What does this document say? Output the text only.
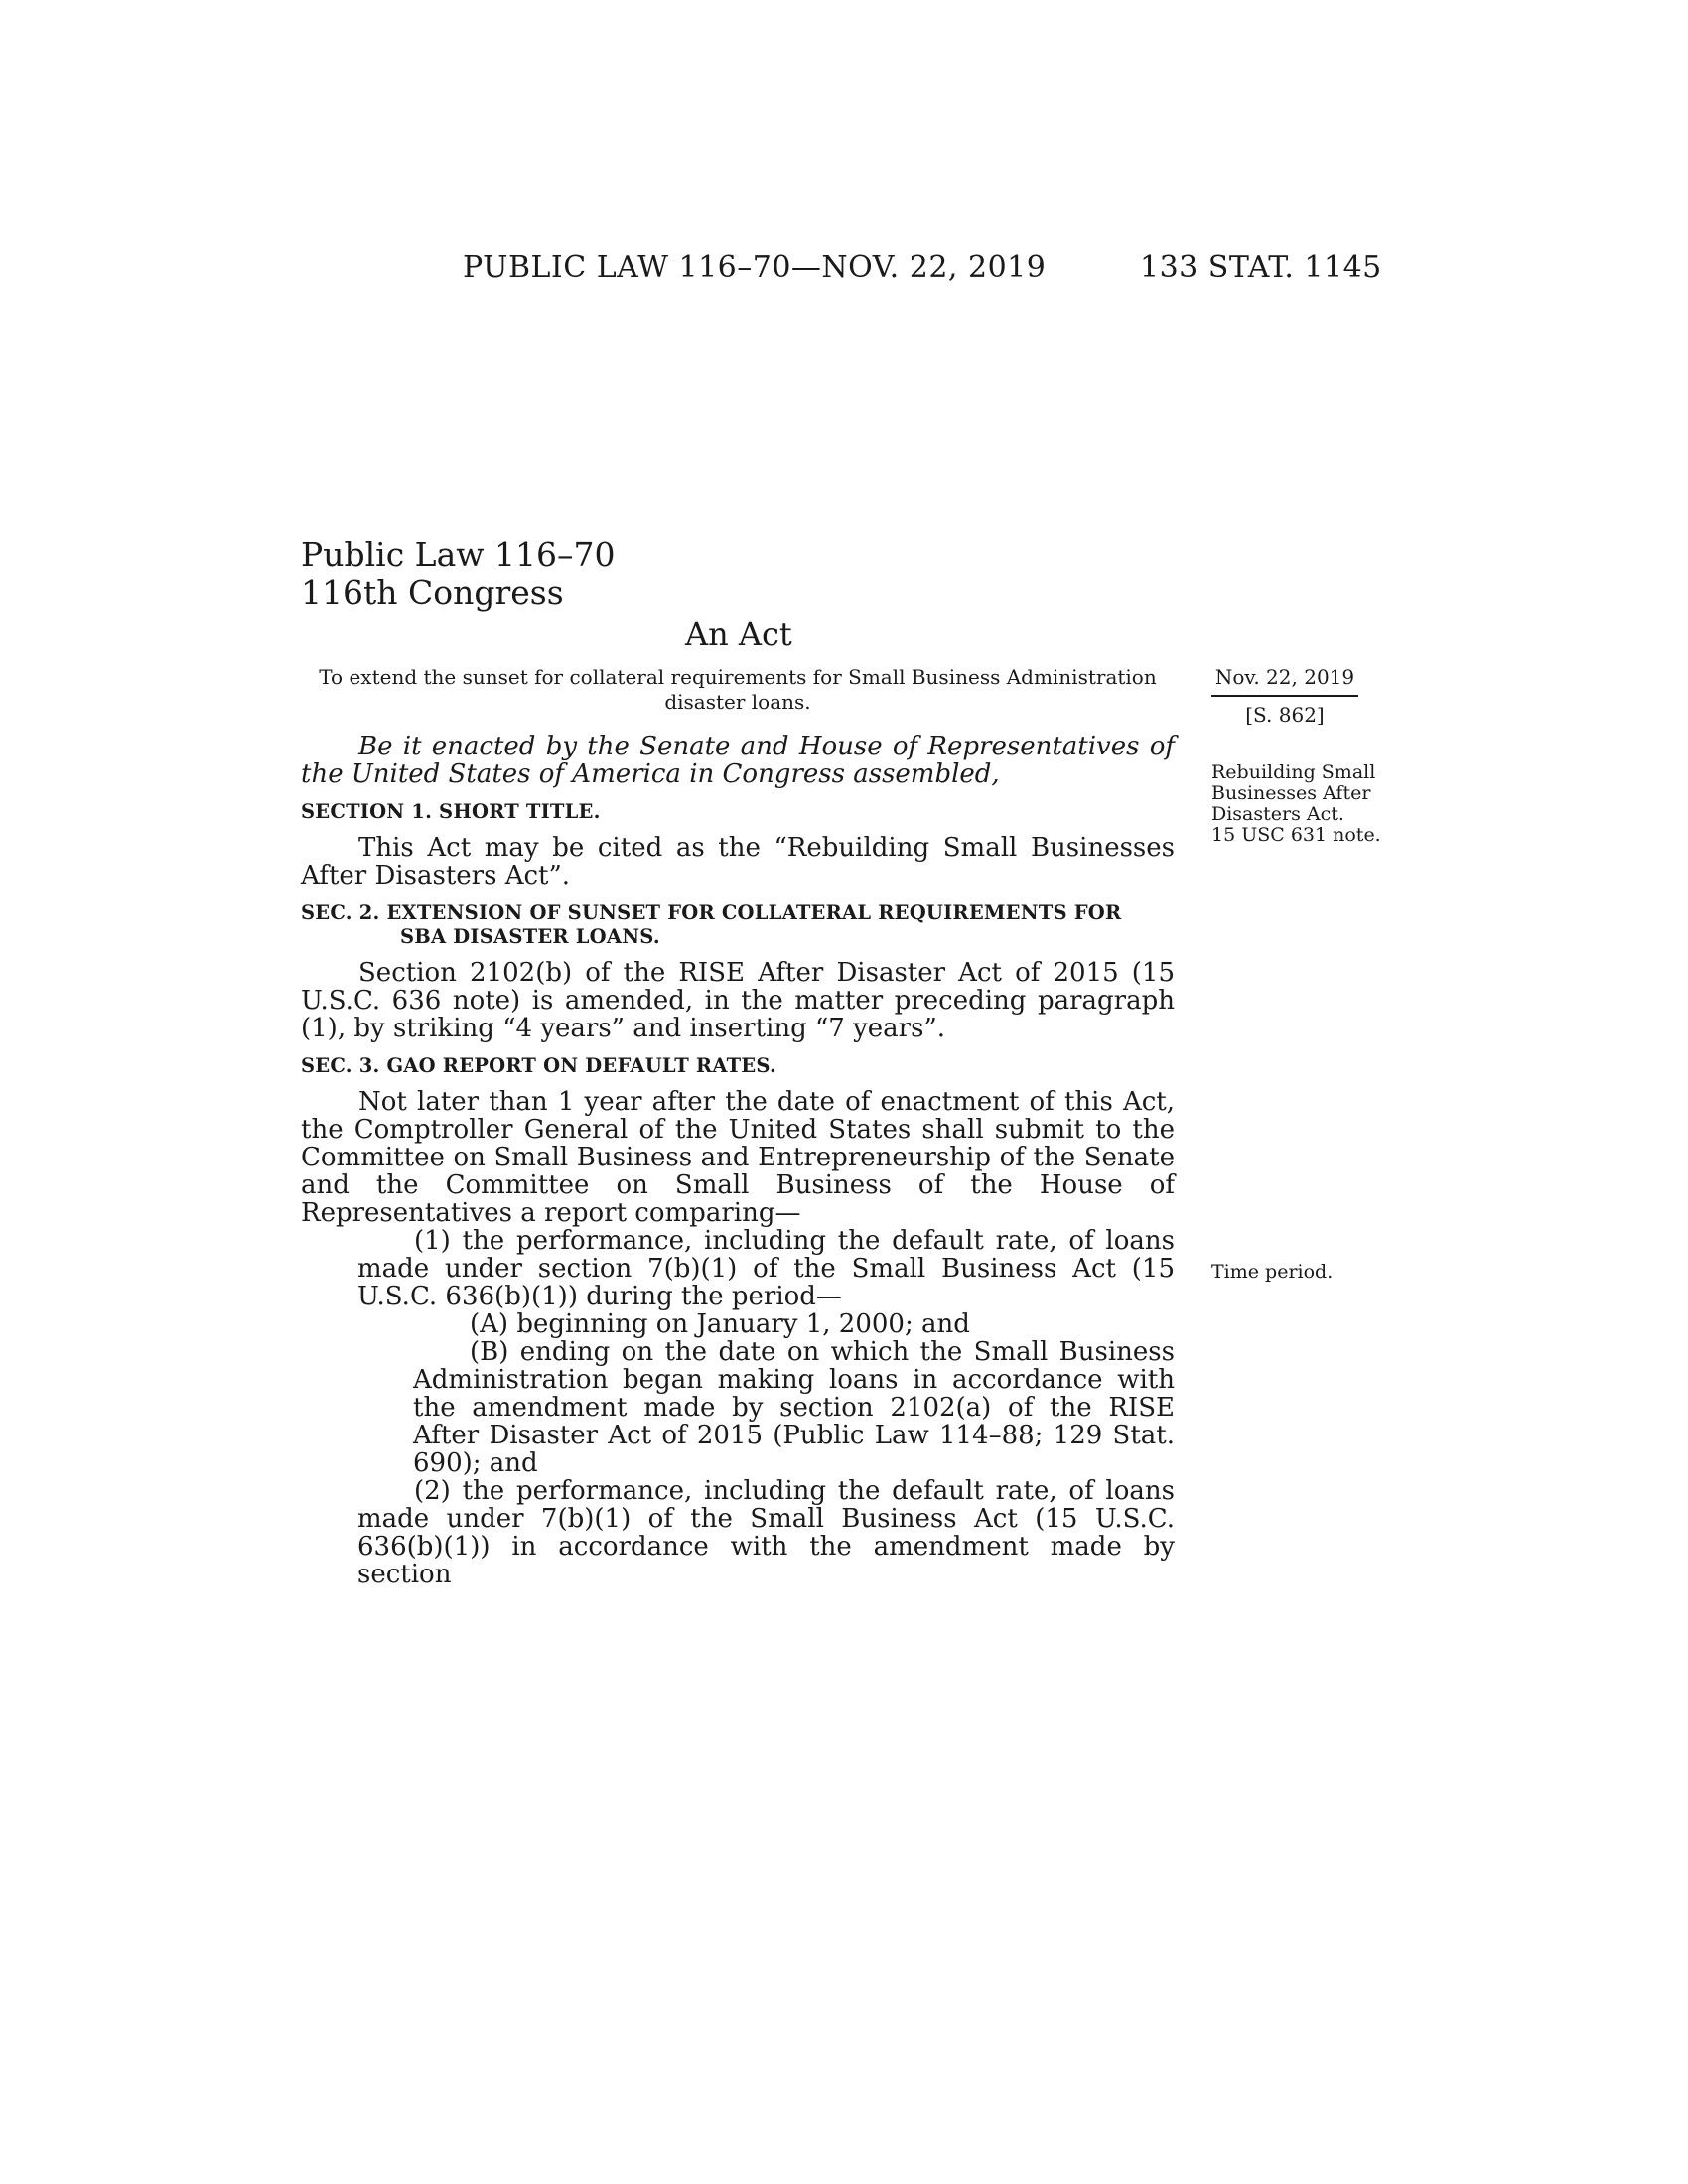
PUBLIC LAW 116–70—NOV. 22, 2019	133 STAT. 1145
Public Law 116–70
116th Congress
An Act
To extend the sunset for collateral requirements for Small Business Administration disaster loans.
Nov. 22, 2019
[S. 862]
Rebuilding Small
Businesses After
Disasters Act.
15 USC 631 note.
Time period.

Be it enacted by the Senate and House of Representatives of the United States of America in Congress assembled,

SECTION 1. SHORT TITLE.

This Act may be cited as the “Rebuilding Small Businesses After Disasters Act”.

SEC. 2. EXTENSION OF SUNSET FOR COLLATERAL REQUIREMENTS FOR
SBA DISASTER LOANS.

Section 2102(b) of the RISE After Disaster Act of 2015 (15 U.S.C. 636 note) is amended, in the matter preceding paragraph (1), by striking “4 years” and inserting “7 years”.

SEC. 3. GAO REPORT ON DEFAULT RATES.

Not later than 1 year after the date of enactment of this Act, the Comptroller General of the United States shall submit to the Committee on Small Business and Entrepreneurship of the Senate and the Committee on Small Business of the House of Representatives a report comparing—

(1) the performance, including the default rate, of loans made under section 7(b)(1) of the Small Business Act (15 U.S.C. 636(b)(1)) during the period—

(A) beginning on January 1, 2000; and

(B) ending on the date on which the Small Business Administration began making loans in accordance with the amendment made by section 2102(a) of the RISE After Disaster Act of 2015 (Public Law 114–88; 129 Stat. 690); and

(2) the performance, including the default rate, of loans made under 7(b)(1) of the Small Business Act (15 U.S.C. 636(b)(1)) in accordance with the amendment made by section
